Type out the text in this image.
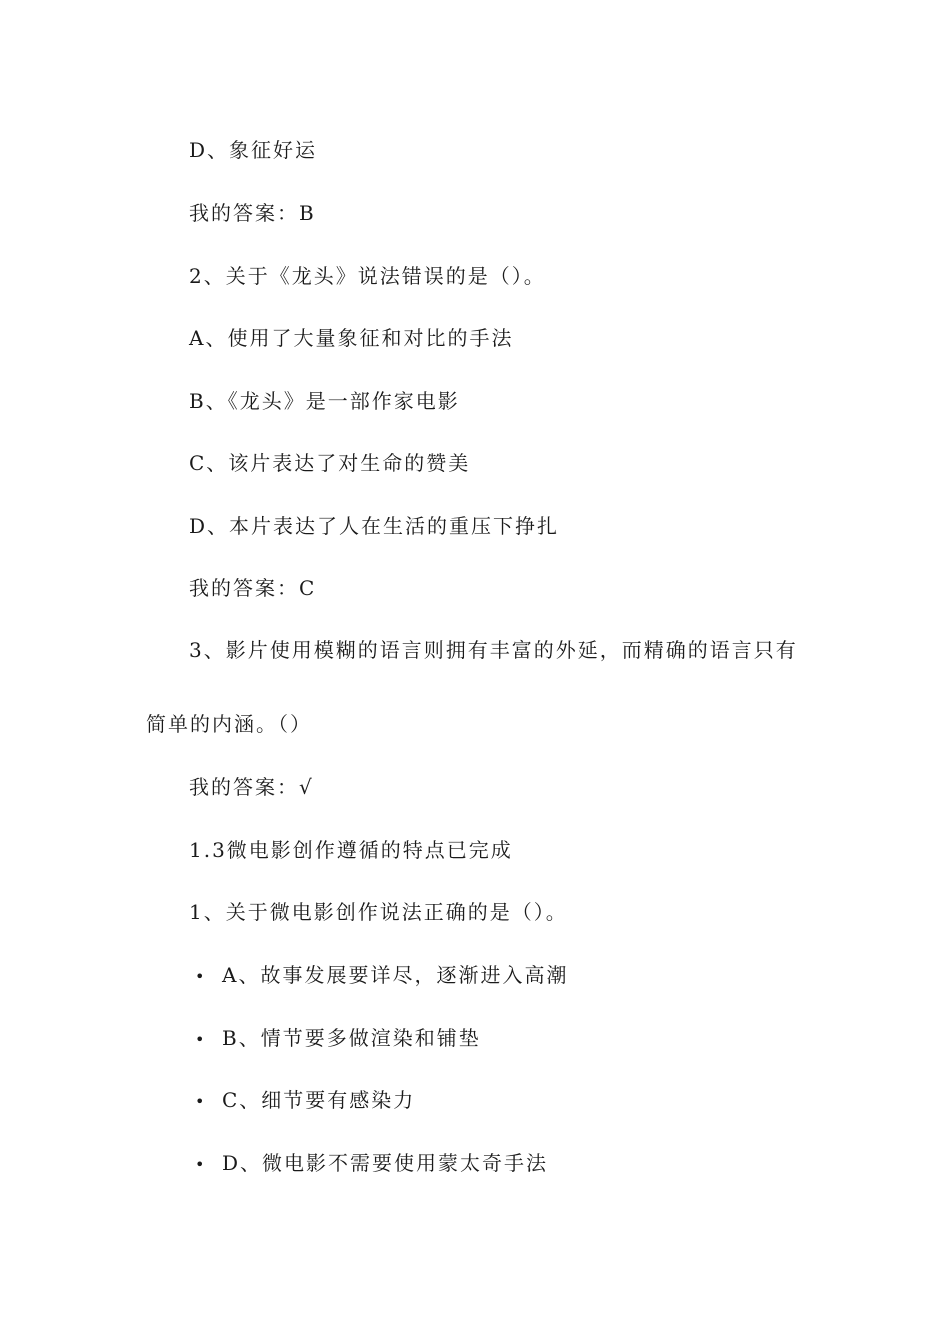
D、象征好运
我的答案：B
2、关于《龙头》说法错误的是（）。
A、使用了大量象征和对比的手法
B、《龙头》是一部作家电影
C、该片表达了对生命的赞美
D、本片表达了人在生活的重压下挣扎
我的答案：C
3、影片使用模糊的语言则拥有丰富的外延，而精确的语言只有
简单的内涵。（）
我的答案：√
1.3微电影创作遵循的特点已完成
1、关于微电影创作说法正确的是（）。
• A、故事发展要详尽，逐渐进入高潮
• B、情节要多做渲染和铺垫
• C、细节要有感染力
• D、微电影不需要使用蒙太奇手法
